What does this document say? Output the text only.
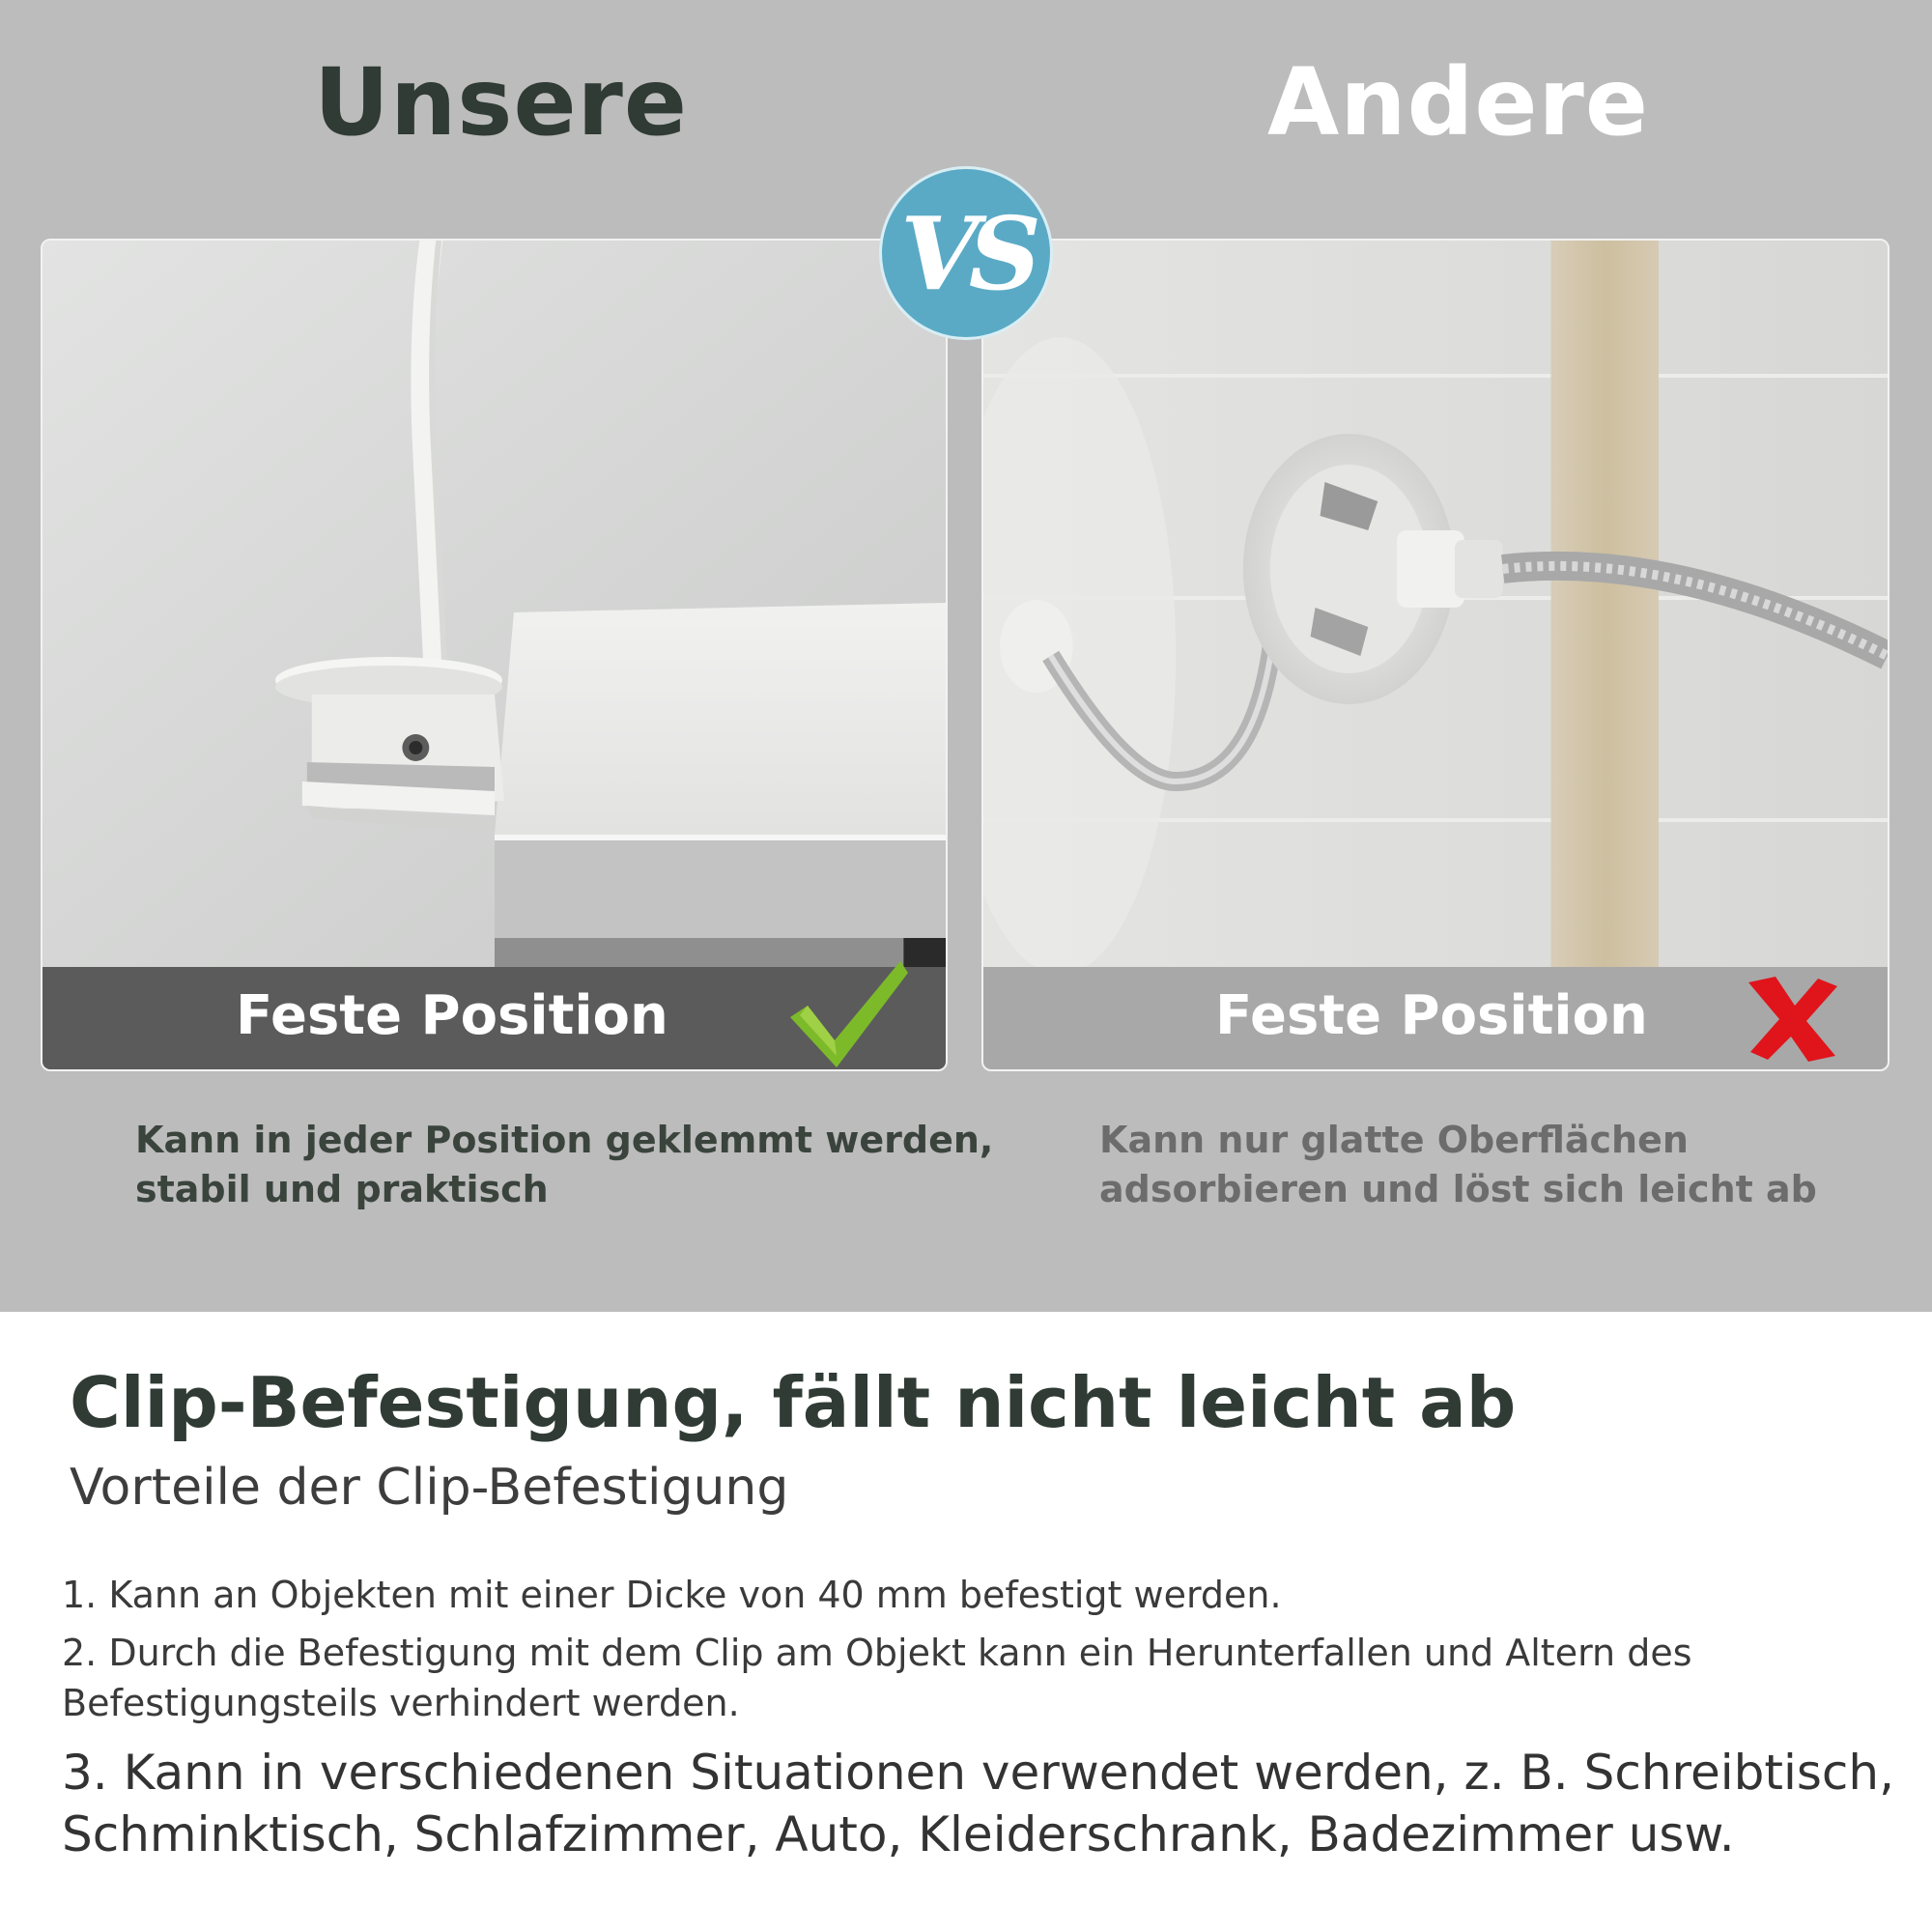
Unsere	Andere
Feste Position	Feste Position
VS

Kann in jeder Position geklemmt werden, stabil und praktisch

Kann nur glatte Oberflächen adsorbieren und löst sich leicht ab

Clip-Befestigung, fällt nicht leicht ab
Vorteile der Clip-Befestigung
1. Kann an Objekten mit einer Dicke von 40 mm befestigt werden.
2. Durch die Befestigung mit dem Clip am Objekt kann ein Herunterfallen und Altern des Befestigungsteils verhindert werden.
3. Kann in verschiedenen Situationen verwendet werden, z. B. Schreibtisch, Schminktisch, Schlafzimmer, Auto, Kleiderschrank, Badezimmer usw.
